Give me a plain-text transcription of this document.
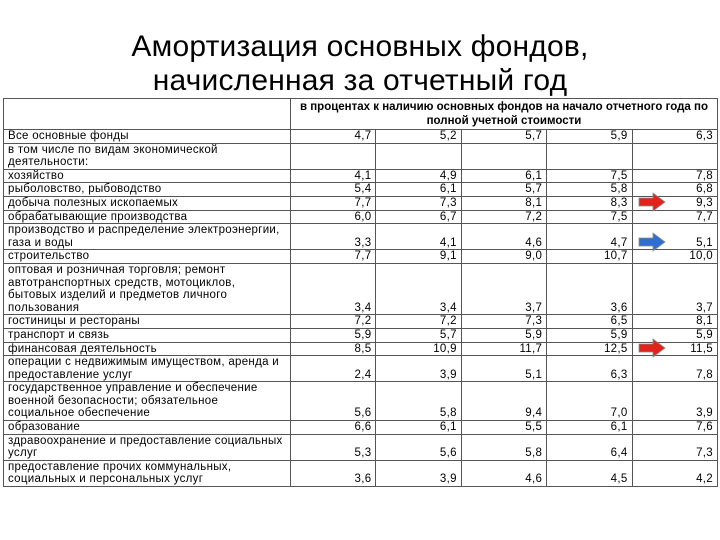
Амортизация основных фондов,
начисленная за отчетный год
	в процентах к наличию основных фондов на начало отчетного года по полной учетной стоимости				
Все основные фонды	4,7	5,2	5,7	5,9	6,3
в том числе по видам экономической деятельности:					
хозяйство	4,1	4,9	6,1	7,5	7,8
рыболовство, рыбоводство	5,4	6,1	5,7	5,8	6,8
добыча полезных ископаемых	7,7	7,3	8,1	8,3	9,3
обрабатывающие производства	6,0	6,7	7,2	7,5	7,7
производство и распределение электроэнергии, газа и воды	3,3	4,1	4,6	4,7	5,1
строительство	7,7	9,1	9,0	10,7	10,0
оптовая и розничная торговля; ремонт автотранспортных средств, мотоциклов, бытовых изделий и предметов личного пользования	3,4	3,4	3,7	3,6	3,7
гостиницы и рестораны	7,2	7,2	7,3	6,5	8,1
транспорт и связь	5,9	5,7	5,9	5,9	5,9
финансовая деятельность	8,5	10,9	11,7	12,5	11,5
операции с недвижимым имуществом, аренда и предоставление услуг	2,4	3,9	5,1	6,3	7,8
государственное управление и обеспечение военной безопасности; обязательное социальное обеспечение	5,6	5,8	9,4	7,0	3,9
образование	6,6	6,1	5,5	6,1	7,6
здравоохранение и предоставление социальных услуг	5,3	5,6	5,8	6,4	7,3
предоставление прочих коммунальных, социальных и персональных услуг	3,6	3,9	4,6	4,5	4,2
